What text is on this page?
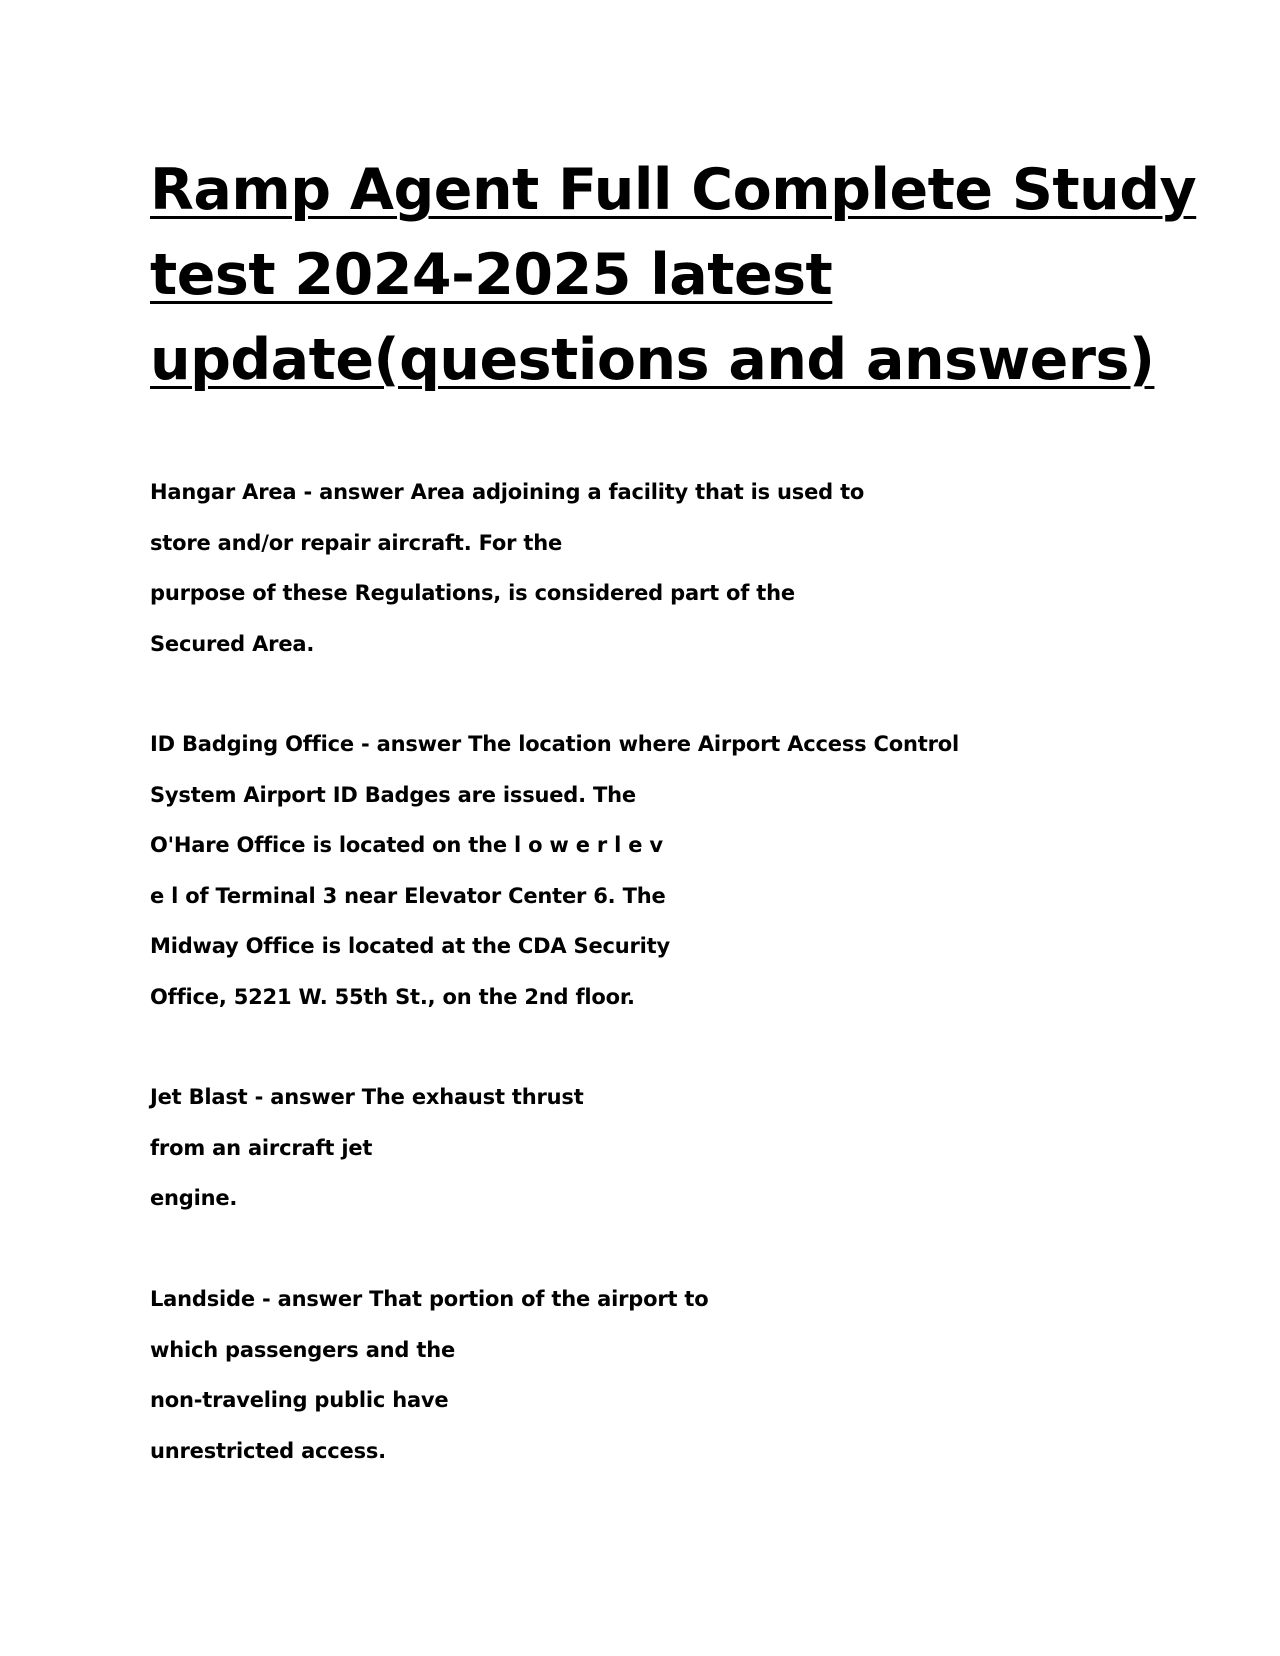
Ramp Agent Full Complete Study
test 2024-2025 latest
update(questions and answers)
Hangar Area - answer Area adjoining a facility that is used to
store and/or repair aircraft. For the
purpose of these Regulations, is considered part of the
Secured Area.
ID Badging Office - answer The location where Airport Access Control
System Airport ID Badges are issued. The
O'Hare Office is located on the l o w e r l e v
e l of Terminal 3 near Elevator Center 6. The
Midway Office is located at the CDA Security
Office, 5221 W. 55th St., on the 2nd floor.
Jet Blast - answer The exhaust thrust
from an aircraft jet
engine.
Landside - answer That portion of the airport to
which passengers and the
non-traveling public have
unrestricted access.
